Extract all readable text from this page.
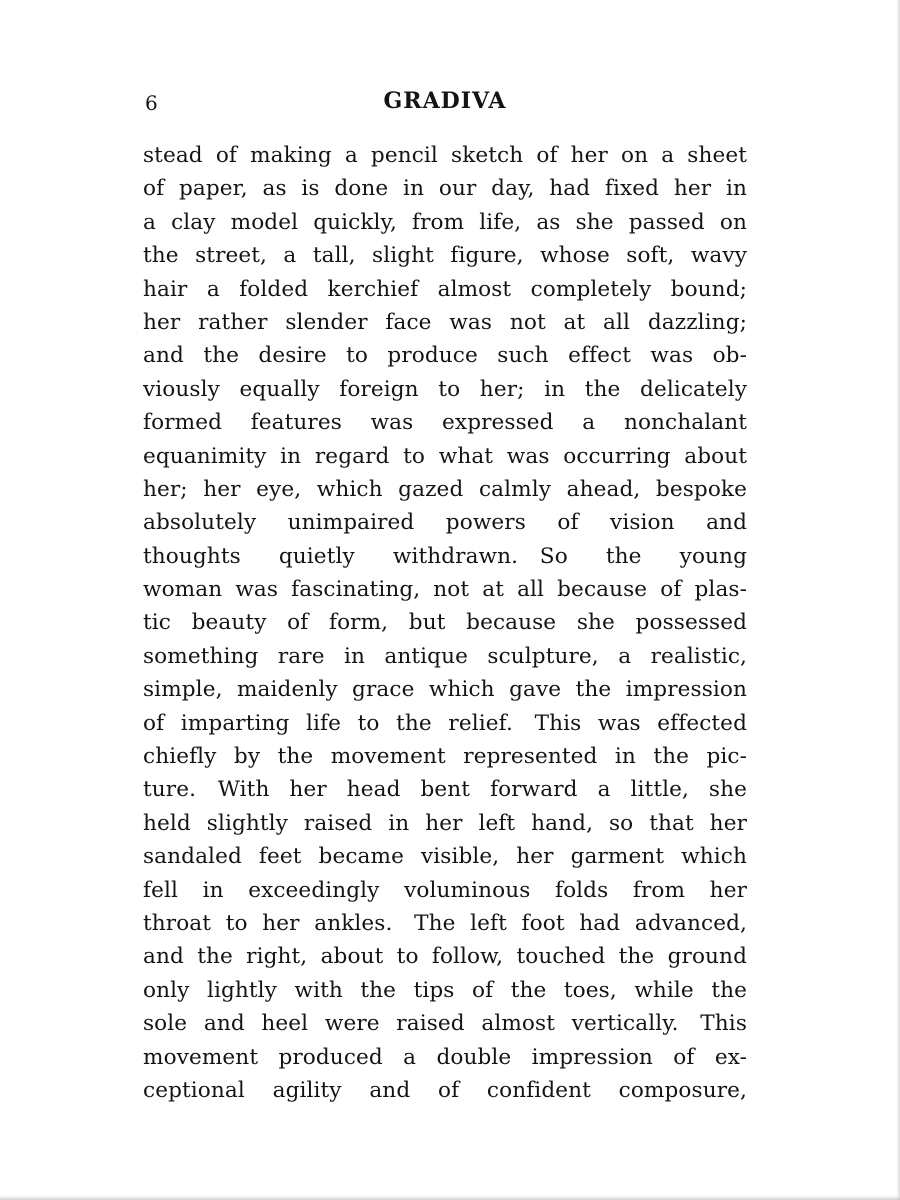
6	GRADIVA
stead of making a pencil sketch of her on a sheet
of paper, as is done in our day, had fixed her in
a clay model quickly, from life, as she passed on
the street, a tall, slight figure, whose soft, wavy
hair a folded kerchief almost completely bound;
her rather slender face was not at all dazzling;
and the desire to produce such effect was ob-
viously equally foreign to her; in the delicately
formed features was expressed a nonchalant
equanimity in regard to what was occurring about
her; her eye, which gazed calmly ahead, bespoke
absolutely unimpaired powers of vision and
thoughts quietly withdrawn. So the young
woman was fascinating, not at all because of plas-
tic beauty of form, but because she possessed
something rare in antique sculpture, a realistic,
simple, maidenly grace which gave the impression
of imparting life to the relief. This was effected
chiefly by the movement represented in the pic-
ture. With her head bent forward a little, she
held slightly raised in her left hand, so that her
sandaled feet became visible, her garment which
fell in exceedingly voluminous folds from her
throat to her ankles. The left foot had advanced,
and the right, about to follow, touched the ground
only lightly with the tips of the toes, while the
sole and heel were raised almost vertically. This
movement produced a double impression of ex-
ceptional agility and of confident composure,
